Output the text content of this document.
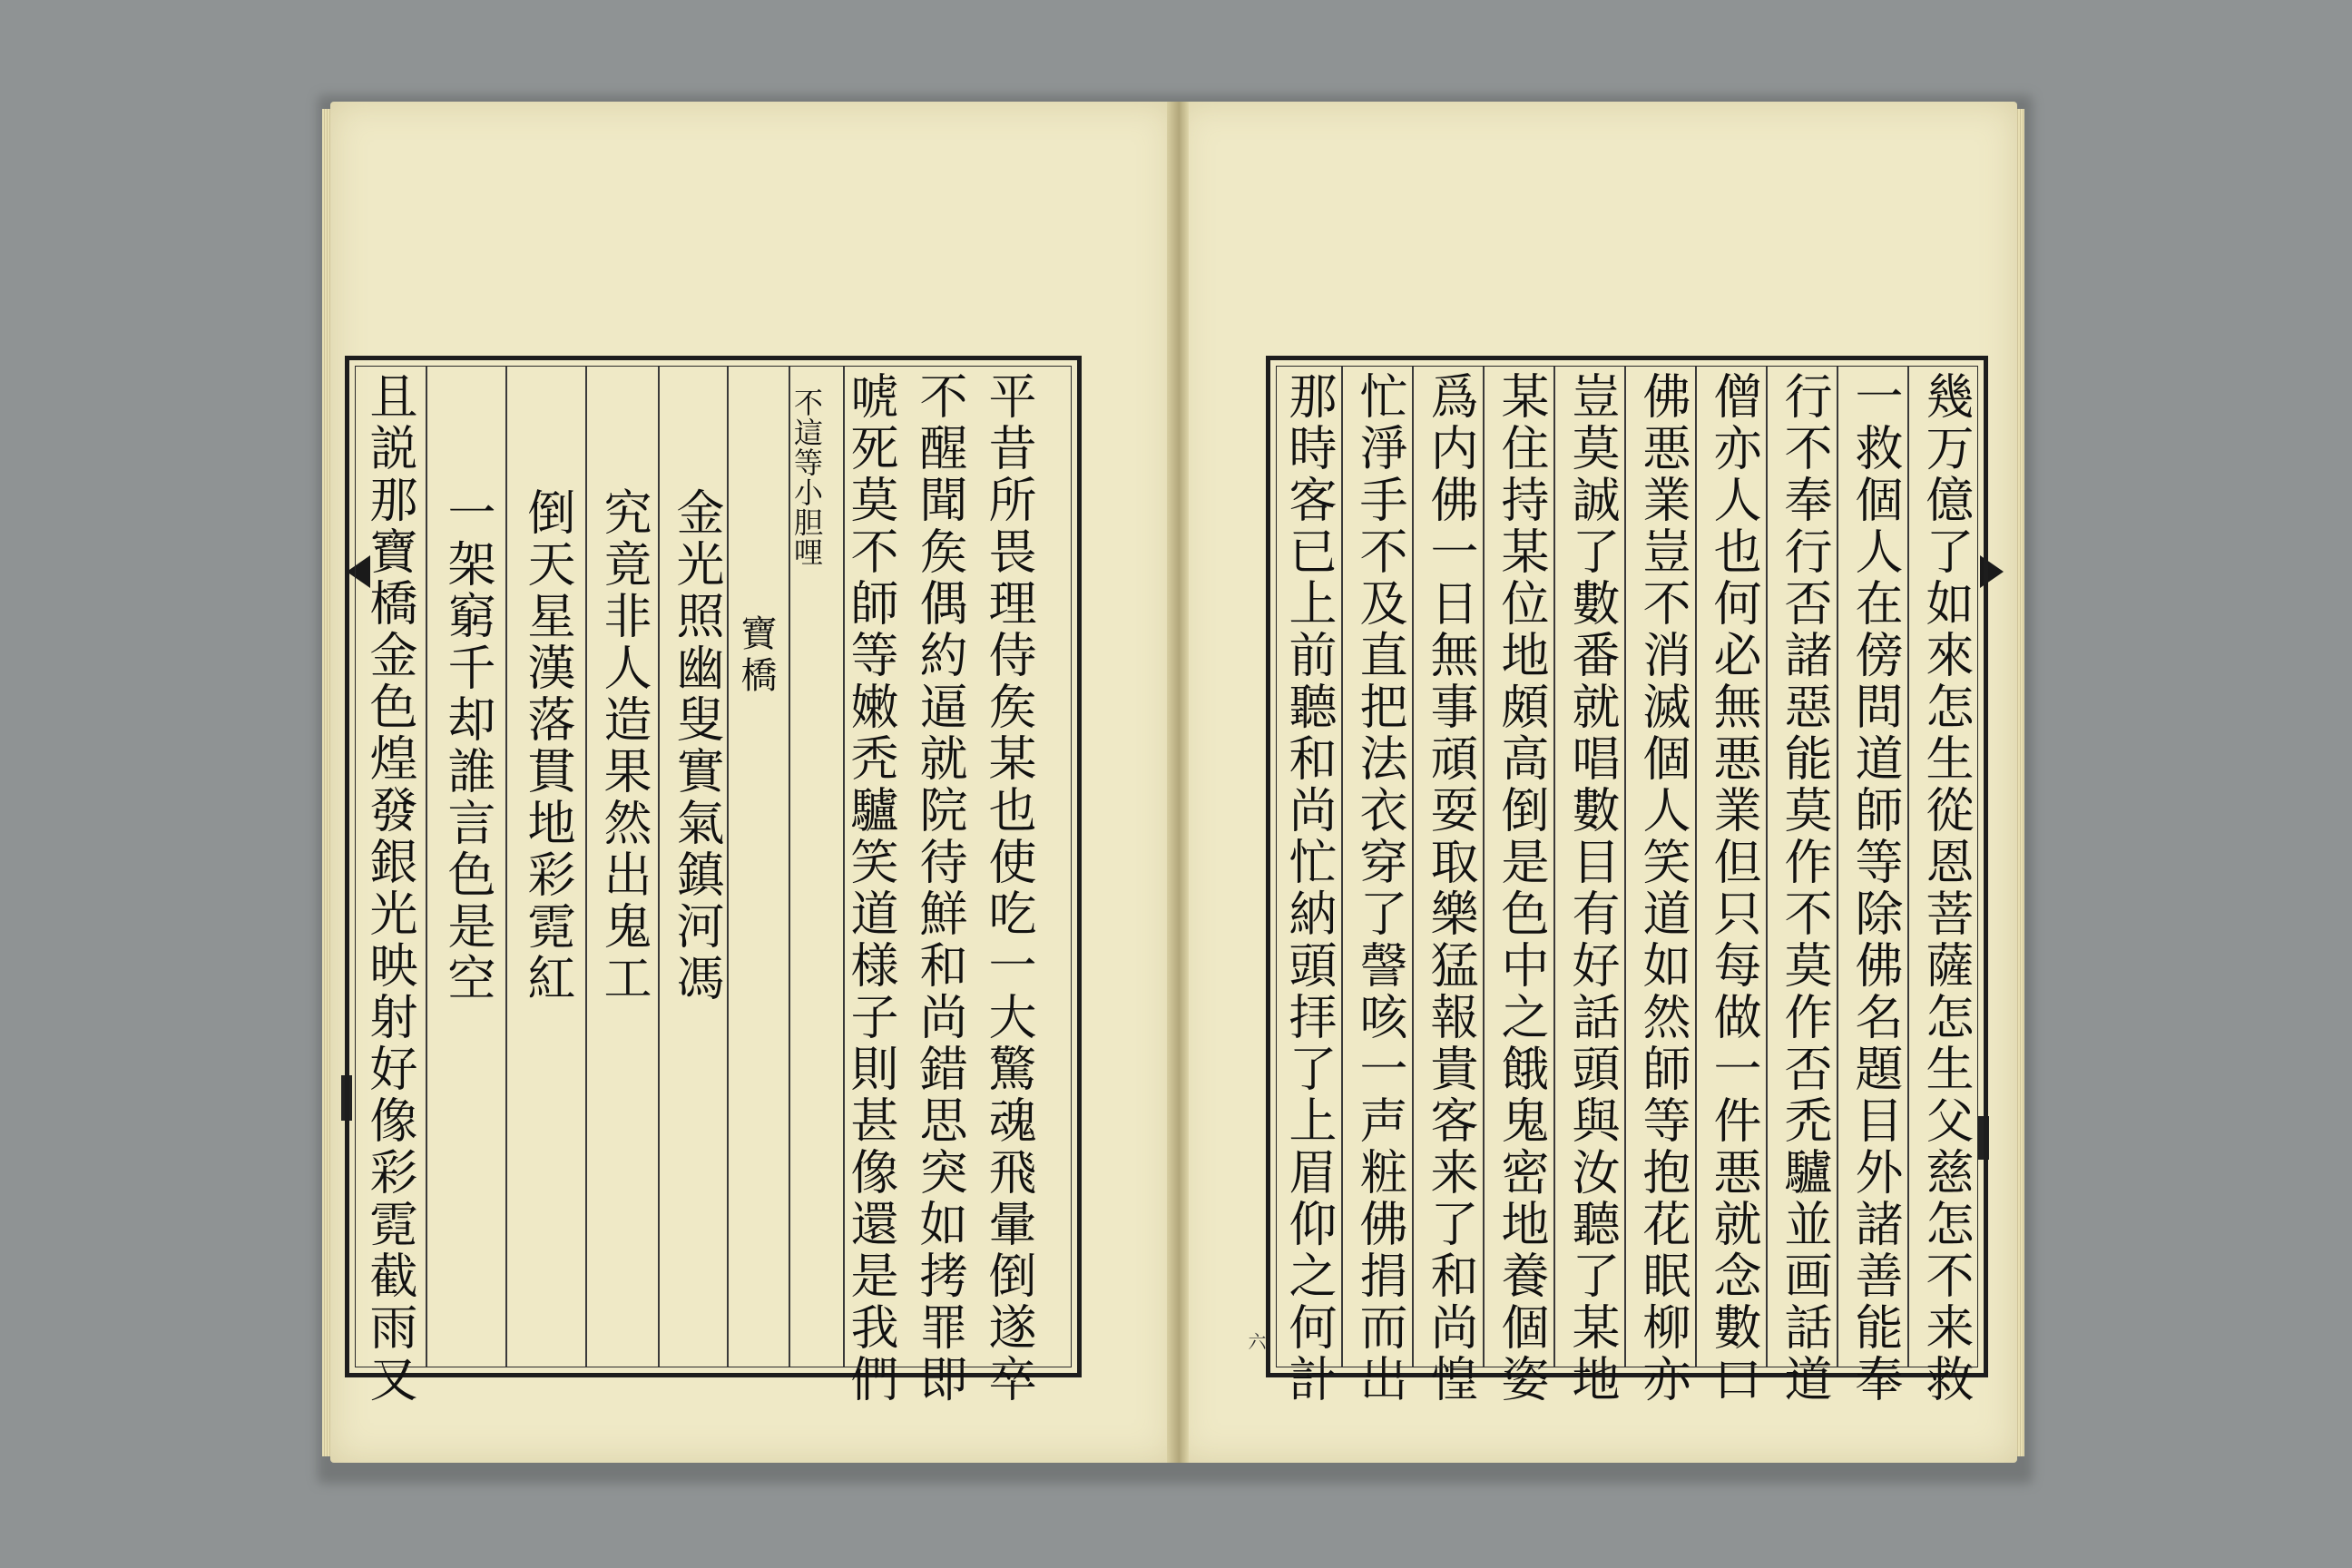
平昔所畏理侍矦某也使吃一大驚魂飛暈倒遂卒
不醒聞矦偶約逼就院待鮮和尚錯思突如拷罪即
唬死莫不師等嫩秃驢笑道様子則甚像還是我們
不這等小胆哩
寶橋
金光照幽叟實氣鎮河馮
究竟非人造果然出鬼工
倒天星漢落貫地彩霓紅
一架窮千却誰言色是空
且説那寶橋金色煌發銀光映射好像彩霓截雨又	幾万億了如來怎生從恩菩薩怎生父慈怎不来救
一救個人在傍問道師等除佛名題目外諸善能奉
行不奉行否諸惡能莫作不莫作否禿驢並画話道
僧亦人也何必無悪業但只每做一件悪就念數口
佛悪業豈不消滅個人笑道如然師等抱花眠柳亦
豈莫誠了數番就唱數目有好話頭與汝聽了某地
某住持某位地頗高倒是色中之餓鬼密地養個姿
爲内佛一日無事頑耍取樂猛報貴客来了和尚惶
忙淨手不及直把法衣穿了謦咳一声粧佛捐而出
那時客已上前聽和尚忙納頭拝了上眉仰之何計
六
